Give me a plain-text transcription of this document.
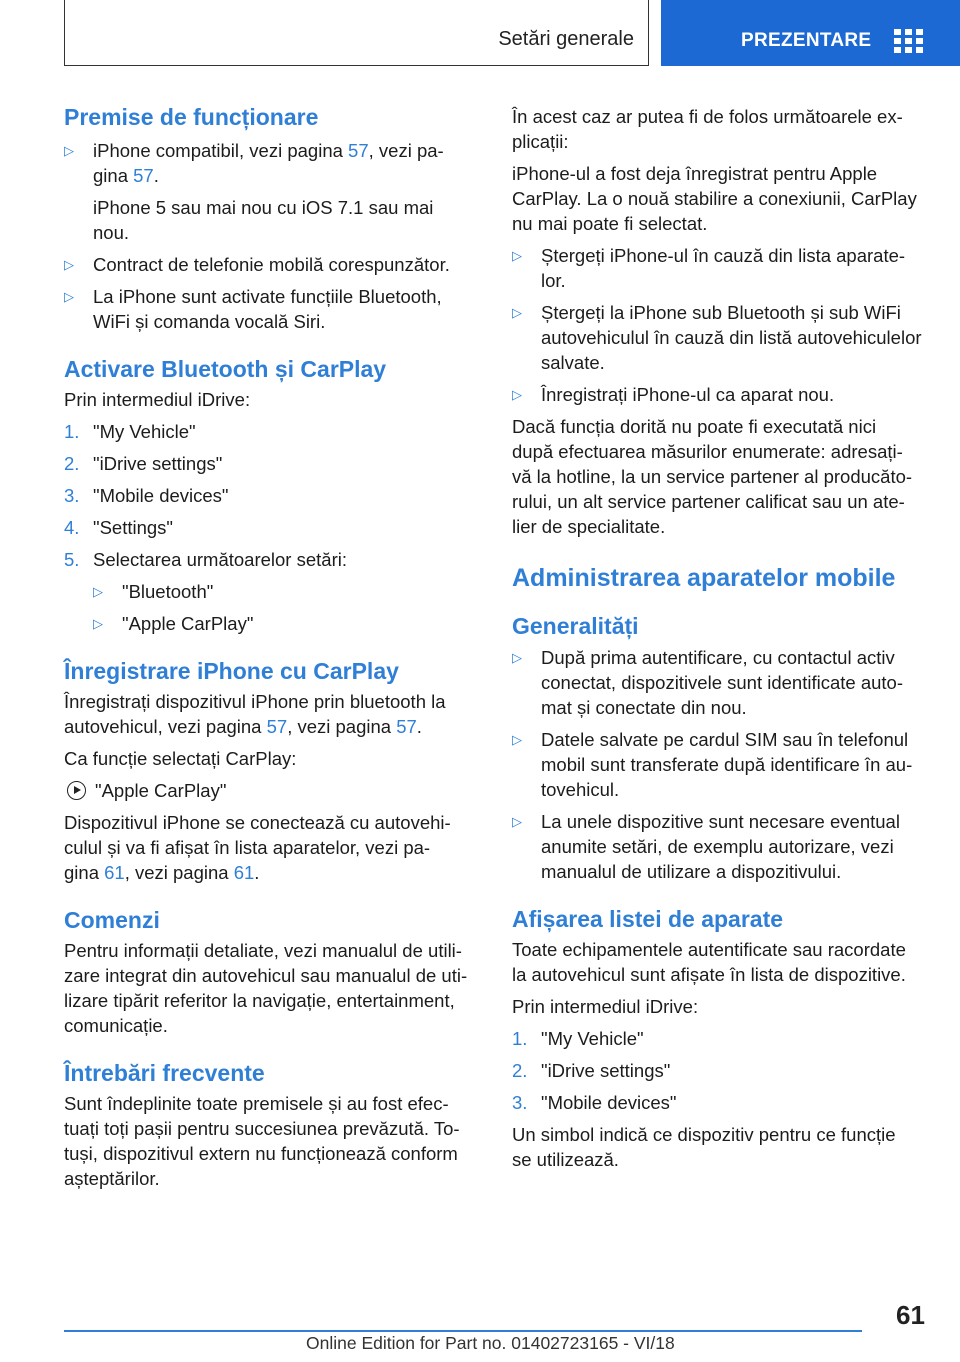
Setări generale	PREZENTARE
Premise de funcționare
▷	iPhone compatibil, vezi pagina 57, vezi pa-
gina 57.
iPhone 5 sau mai nou cu iOS 7.1 sau mai
nou.
▷	Contract de telefonie mobilă corespunzător.
▷	La iPhone sunt activate funcțiile Bluetooth,
WiFi și comanda vocală Siri.
Activare Bluetooth și CarPlay

Prin intermediul iDrive:

1. "My Vehicle"
2. "iDrive settings"
3. "Mobile devices"
4. "Settings"
5. Selectarea următoarelor setări:
▷	"Bluetooth"
▷	"Apple CarPlay"
Înregistrare iPhone cu CarPlay

Înregistrați dispozitivul iPhone prin bluetooth la
autovehicul, vezi pagina 57, vezi pagina 57.

Ca funcție selectați CarPlay:

"Apple CarPlay"

Dispozitivul iPhone se conectează cu autovehi-
culul și va fi afișat în lista aparatelor, vezi pa-
gina 61, vezi pagina 61.

Comenzi

Pentru informații detaliate, vezi manualul de utili-
zare integrat din autovehicul sau manualul de uti-
lizare tipărit referitor la navigație, entertainment,
comunicație.

Întrebări frecvente

Sunt îndeplinite toate premisele și au fost efec-
tuați toți pașii pentru succesiunea prevăzută. To-
tuși, dispozitivul extern nu funcționează conform
așteptărilor.

În acest caz ar putea fi de folos următoarele ex-
plicații:

iPhone-ul a fost deja înregistrat pentru Apple
CarPlay. La o nouă stabilire a conexiunii, CarPlay
nu mai poate fi selectat.

▷	Ștergeți iPhone-ul în cauză din lista aparate-
lor.
▷	Ștergeți la iPhone sub Bluetooth și sub WiFi
autovehiculul în cauză din listă autovehiculelor
salvate.
▷	Înregistrați iPhone-ul ca aparat nou.

Dacă funcția dorită nu poate fi executată nici
după efectuarea măsurilor enumerate: adresați-
vă la hotline, la un service partener al producăto-
rului, un alt service partener calificat sau un ate-
lier de specialitate.

Administrarea aparatelor mobile
Generalități
▷	După prima autentificare, cu contactul activ
conectat, dispozitivele sunt identificate auto-
mat și conectate din nou.
▷	Datele salvate pe cardul SIM sau în telefonul
mobil sunt transferate după identificare în au-
tovehicul.
▷	La unele dispozitive sunt necesare eventual
anumite setări, de exemplu autorizare, vezi
manualul de utilizare a dispozitivului.
Afișarea listei de aparate

Toate echipamentele autentificate sau racordate
la autovehicul sunt afișate în lista de dispozitive.

Prin intermediul iDrive:

1. "My Vehicle"
2. "iDrive settings"
3. "Mobile devices"

Un simbol indică ce dispozitiv pentru ce funcție
se utilizează.

61
Online Edition for Part no. 01402723165 - VI/18
